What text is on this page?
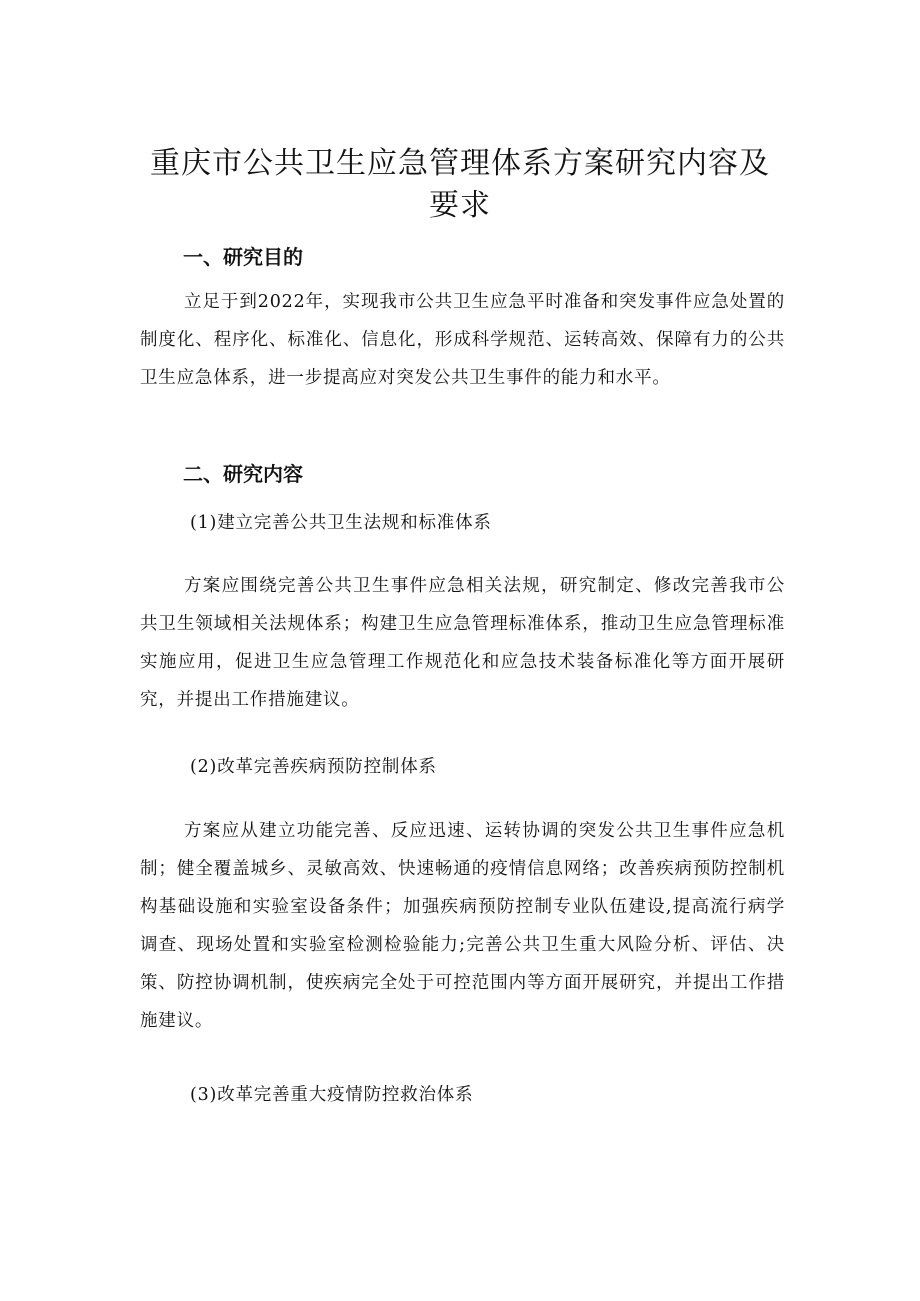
重庆市公共卫生应急管理体系方案研究内容及
要求
一、研究目的
立足于到2022年，实现我市公共卫生应急平时准备和突发事件应急处置的制度化、程序化、标准化、信息化，形成科学规范、运转高效、保障有力的公共卫生应急体系，进一步提高应对突发公共卫生事件的能力和水平。
二、研究内容
(1)建立完善公共卫生法规和标准体系
方案应围绕完善公共卫生事件应急相关法规，研究制定、修改完善我市公共卫生领域相关法规体系；构建卫生应急管理标准体系，推动卫生应急管理标准实施应用，促进卫生应急管理工作规范化和应急技术装备标准化等方面开展研究，并提出工作措施建议。
(2)改革完善疾病预防控制体系
方案应从建立功能完善、反应迅速、运转协调的突发公共卫生事件应急机制；健全覆盖城乡、灵敏高效、快速畅通的疫情信息网络；改善疾病预防控制机构基础设施和实验室设备条件；加强疾病预防控制专业队伍建设,提高流行病学调查、现场处置和实验室检测检验能力;完善公共卫生重大风险分析、评估、决策、防控协调机制，使疾病完全处于可控范围内等方面开展研究，并提出工作措施建议。
(3)改革完善重大疫情防控救治体系
